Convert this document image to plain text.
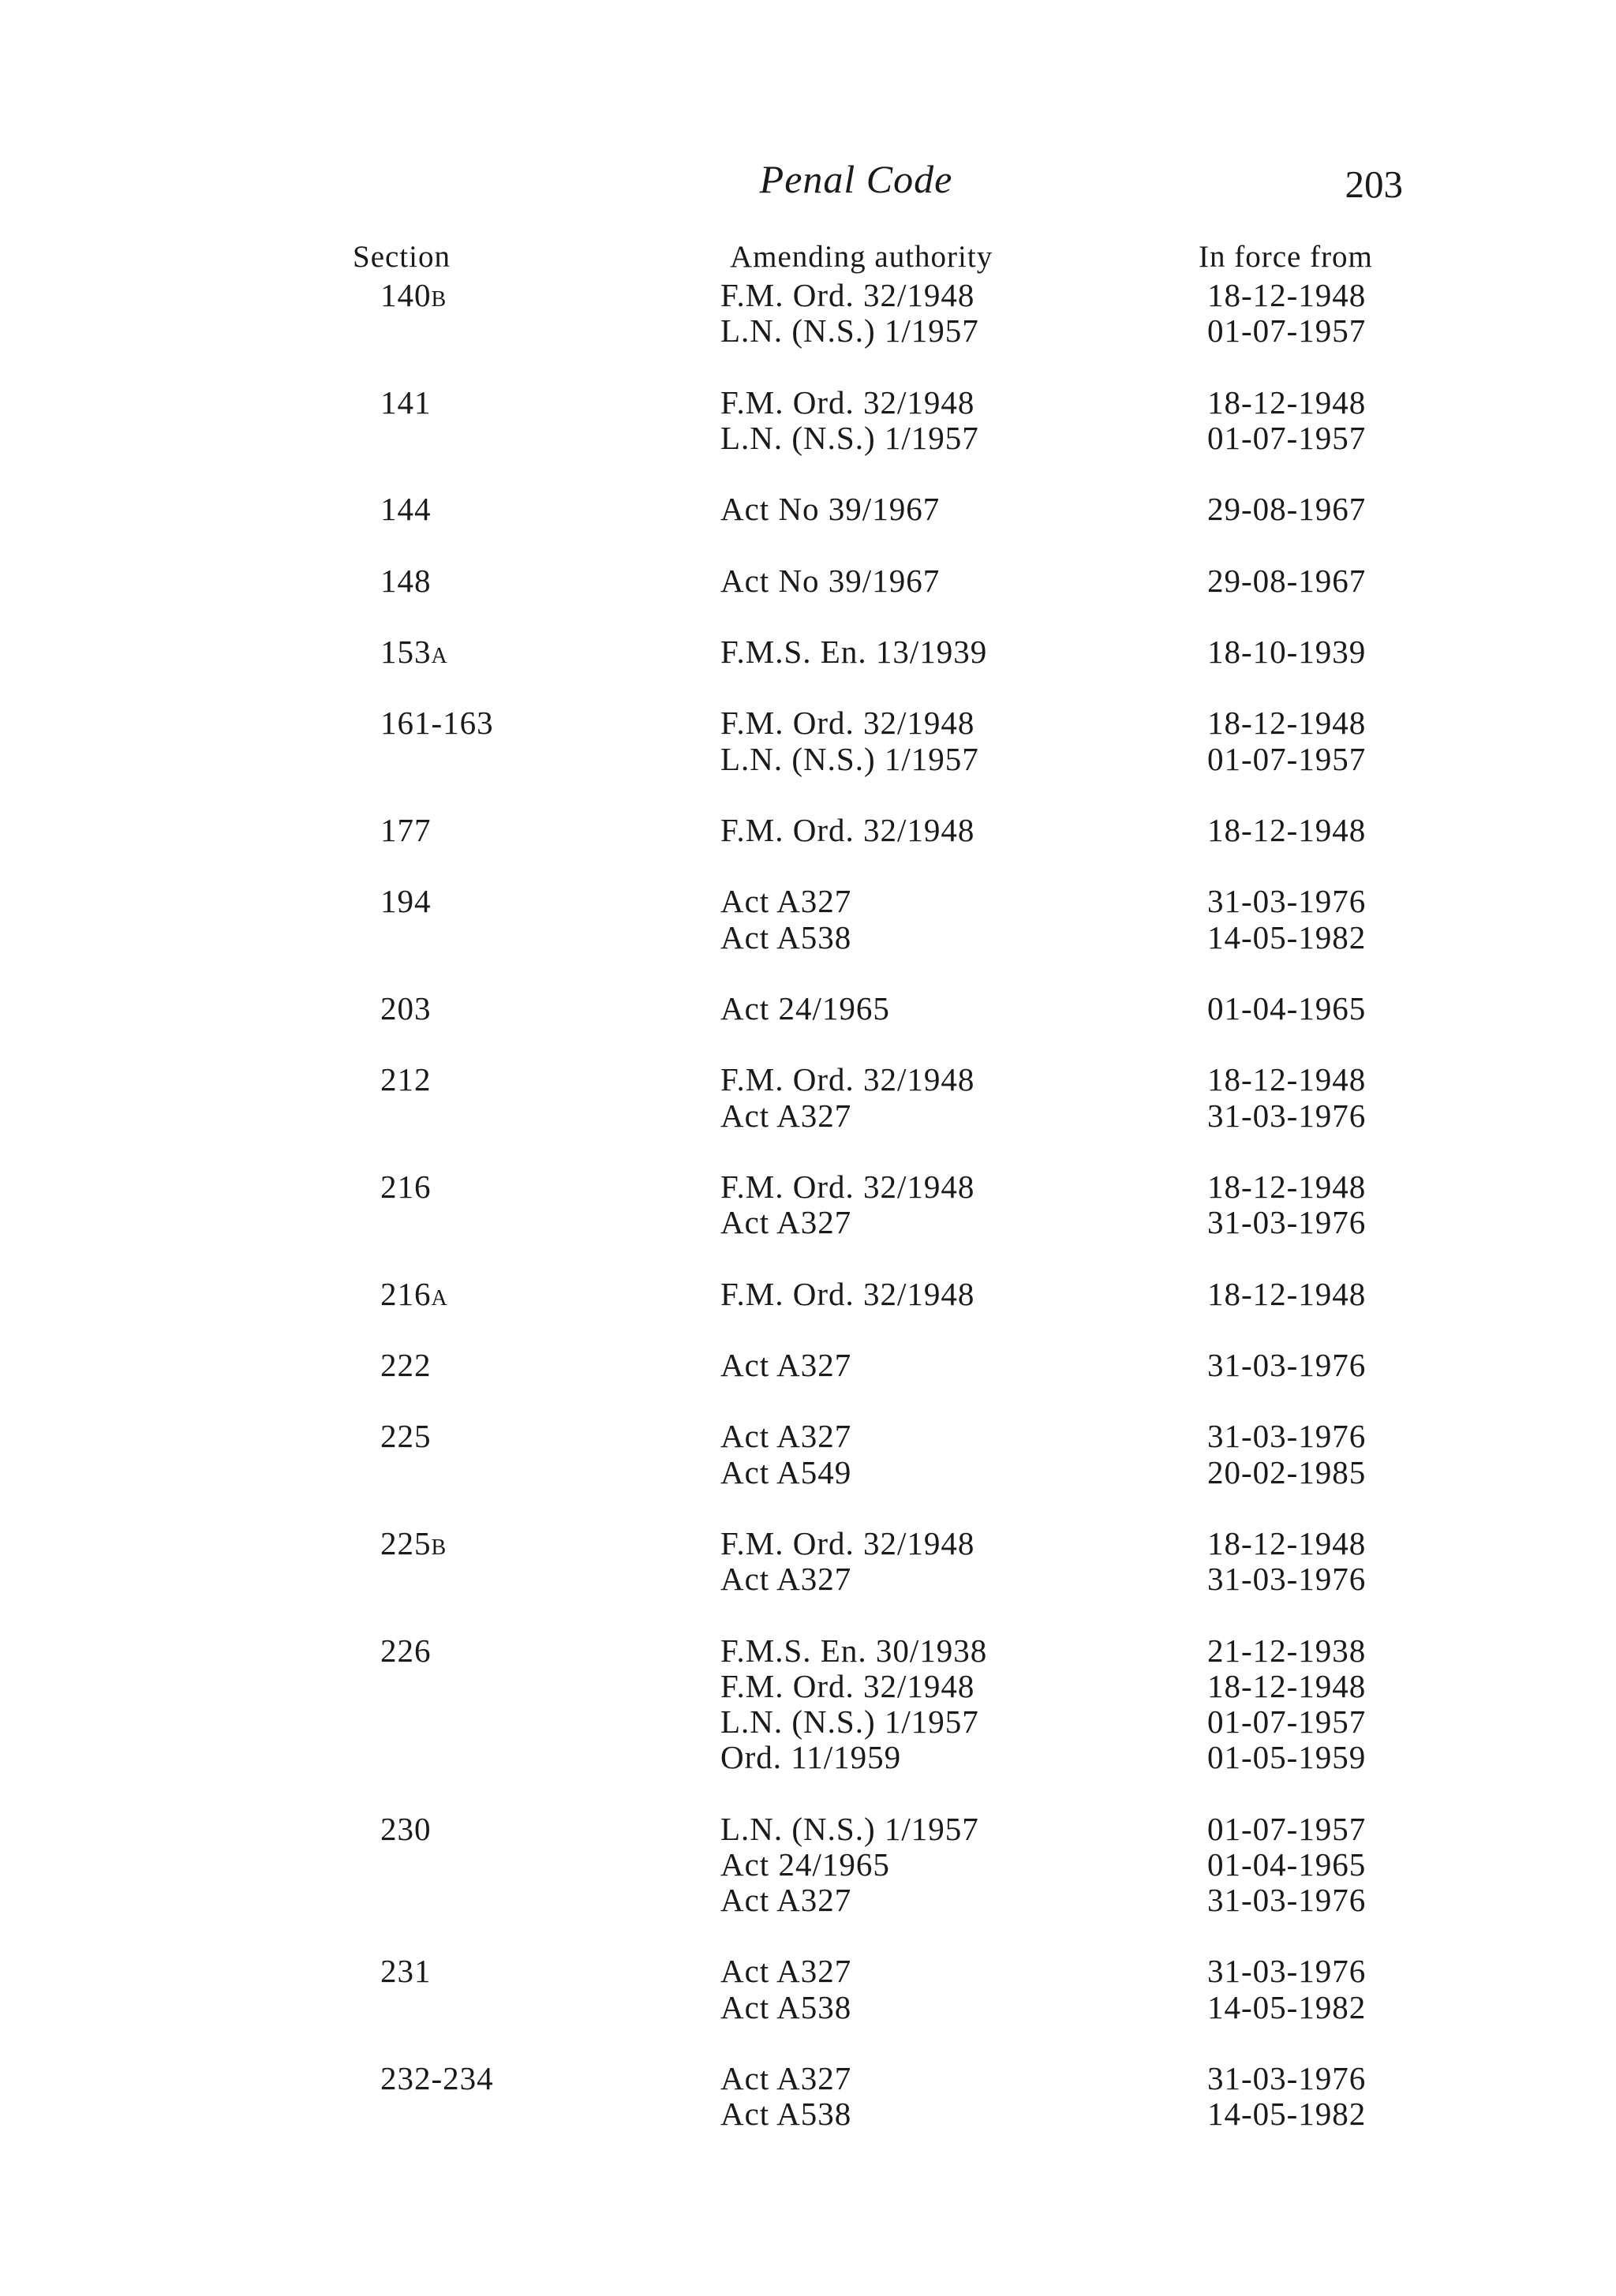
Penal Code	203
Section	Amending authority	In force from
140B	F.M. Ord. 32/1948	18-12-1948
L.N. (N.S.) 1/1957	01-07-1957
141	F.M. Ord. 32/1948	18-12-1948
L.N. (N.S.) 1/1957	01-07-1957
144	Act No 39/1967	29-08-1967
148	Act No 39/1967	29-08-1967
153A	F.M.S. En. 13/1939	18-10-1939
161-163	F.M. Ord. 32/1948	18-12-1948
L.N. (N.S.) 1/1957	01-07-1957
177	F.M. Ord. 32/1948	18-12-1948
194	Act A327	31-03-1976
Act A538	14-05-1982
203	Act 24/1965	01-04-1965
212	F.M. Ord. 32/1948	18-12-1948
Act A327	31-03-1976
216	F.M. Ord. 32/1948	18-12-1948
Act A327	31-03-1976
216A	F.M. Ord. 32/1948	18-12-1948
222	Act A327	31-03-1976
225	Act A327	31-03-1976
Act A549	20-02-1985
225B	F.M. Ord. 32/1948	18-12-1948
Act A327	31-03-1976
226	F.M.S. En. 30/1938	21-12-1938
F.M. Ord. 32/1948	18-12-1948
L.N. (N.S.) 1/1957	01-07-1957
Ord. 11/1959	01-05-1959
230	L.N. (N.S.) 1/1957	01-07-1957
Act 24/1965	01-04-1965
Act A327	31-03-1976
231	Act A327	31-03-1976
Act A538	14-05-1982
232-234	Act A327	31-03-1976
Act A538	14-05-1982
